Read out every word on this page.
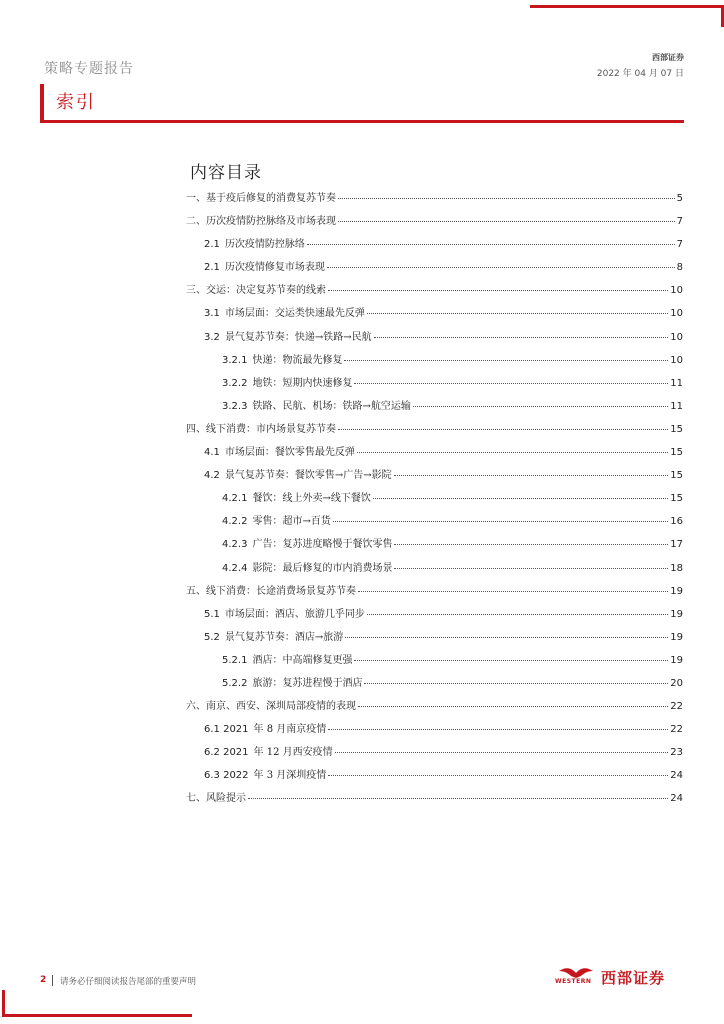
策略专题报告
西部证券
2022 年 04 月 07 日
索引
内容目录
一、基于疫后修复的消费复苏节奏	5
二、历次疫情防控脉络及市场表现	7
2.1 历次疫情防控脉络	7
2.1 历次疫情修复市场表现	8
三、交运：决定复苏节奏的线索	10
3.1 市场层面：交运类快速最先反弹	10
3.2 景气复苏节奏：快递→铁路→民航	10
3.2.1 快递：物流最先修复	10
3.2.2 地铁：短期内快速修复	11
3.2.3 铁路、民航、机场：铁路→航空运输	11
四、线下消费：市内场景复苏节奏	15
4.1 市场层面：餐饮零售最先反弹	15
4.2 景气复苏节奏：餐饮零售→广告→影院	15
4.2.1 餐饮：线上外卖→线下餐饮	15
4.2.2 零售：超市→百货	16
4.2.3 广告：复苏进度略慢于餐饮零售	17
4.2.4 影院：最后修复的市内消费场景	18
五、线下消费：长途消费场景复苏节奏	19
5.1 市场层面：酒店、旅游几乎同步	19
5.2 景气复苏节奏：酒店→旅游	19
5.2.1 酒店：中高端修复更强	19
5.2.2 旅游：复苏进程慢于酒店	20
六、南京、西安、深圳局部疫情的表现	22
6.1 2021 年 8 月南京疫情	22
6.2 2021 年 12 月西安疫情	23
6.3 2022 年 3 月深圳疫情	24
七、风险提示	24
2 请务必仔细阅读报告尾部的重要声明	WESTERN 西部证券
